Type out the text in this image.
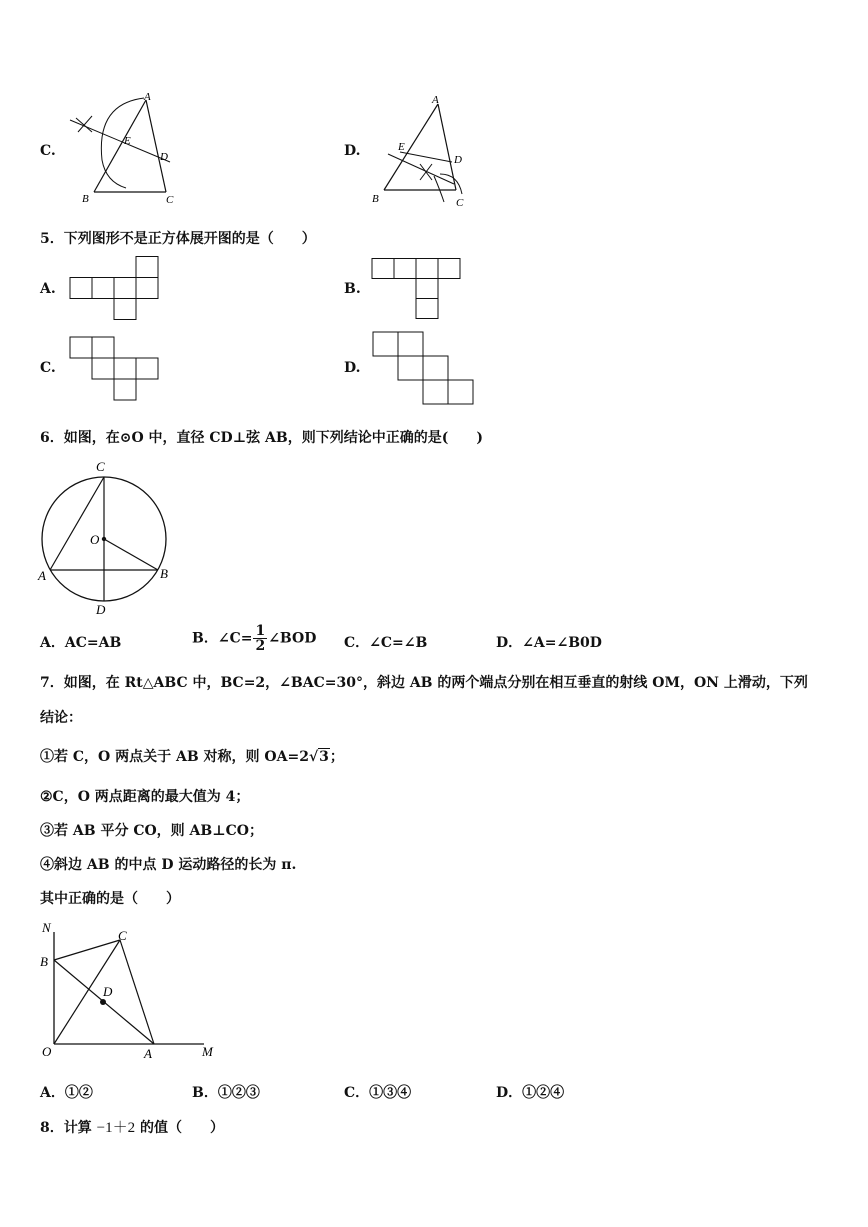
C.
A
E
D
B	C
D.
A
E
D
B	C
5．下列图形不是正方体展开图的是（　　）
A.	B.
C.	D.
6．如图，在⊙O 中，直径 CD⊥弦 AB，则下列结论中正确的是(　　)
C
O
A	B
D
A．AC=AB	B．∠C= $\frac{1}{2}$ ∠BOD C．∠C=∠B	D．∠A=∠B0D
7．如图，在 Rt△ABC 中，BC=2，∠BAC=30°，斜边 AB 的两个端点分别在相互垂直的射线 OM，ON 上滑动，下列
结论：
①若 C，O 两点关于 AB 对称，则 OA=2√3；
②C，O 两点距离的最大值为 4；
③若 AB 平分 CO，则 AB⊥CO；
④斜边 AB 的中点 D 运动路径的长为 π.
其中正确的是（　　）
N
C
B
D
O	A	M
A．①②	B．①②③	C．①③④	D．①②④
8．计算 −1＋2 的值（　　）
